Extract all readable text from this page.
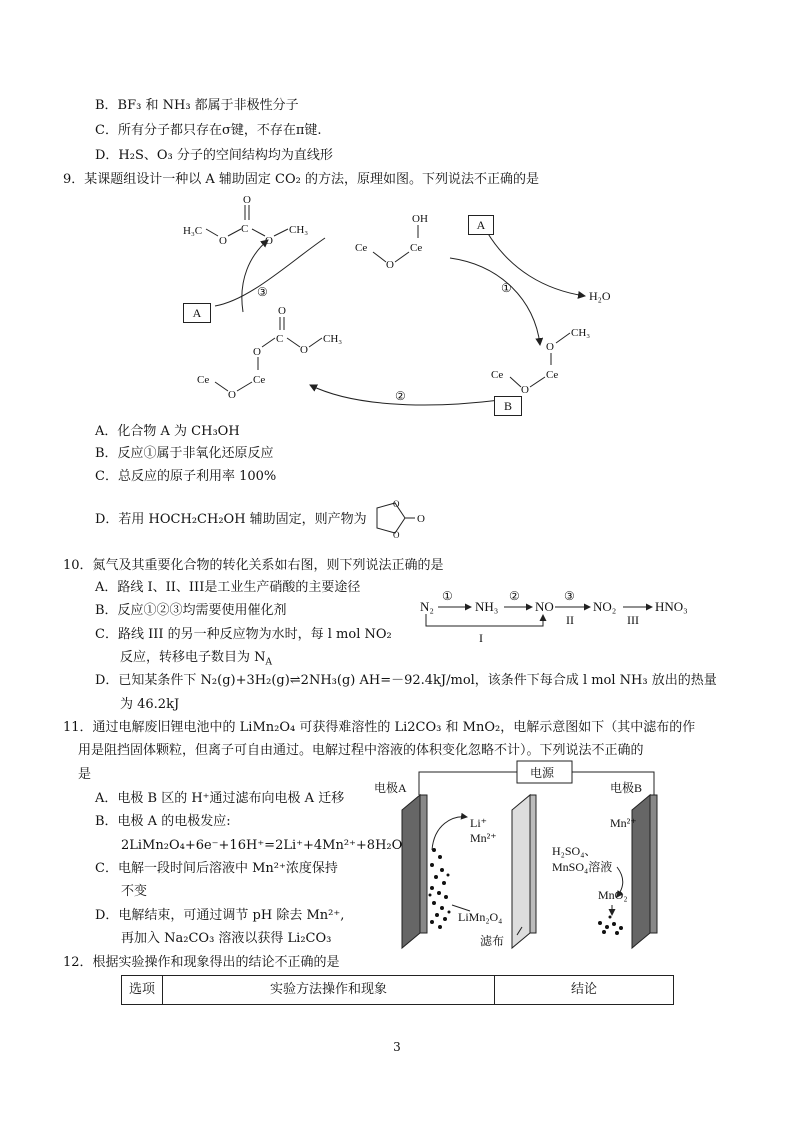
B．BF₃ 和 NH₃ 都属于非极性分子
C．所有分子都只存在σ键，不存在π键.
D．H₂S、O₃ 分子的空间结构均为直线形
9．某课题组设计一种以 A 辅助固定 CO₂ 的方法，原理如图。下列说法不正确的是
H₃C
O
C
O
O
CH₃
Ce
O
Ce
OH
Ce
O
Ce
O
CH₃
Ce
O
Ce
O
C
O
O
CH₃
③	①
②
H₂O
A
A
B
A．化合物 A 为 CH₃OH
B．反应①属于非氧化还原反应
C．总反应的原子利用率 100%
D．若用 HOCH₂CH₂OH 辅助固定，则产物为
O
O
O
10．氮气及其重要化合物的转化关系如右图，则下列说法正确的是
A．路线 I、II、III是工业生产硝酸的主要途径
B．反应①②③均需要使用催化剂
C．路线 III 的另一种反应物为水时，每 l mol NO₂
反应，转移电子数目为 $N_A$
D．已知某条件下 N₂(g)+3H₂(g)⇌2NH₃(g) AH=－92.4kJ/mol，该条件下每合成 l mol NH₃ 放出的热量
为 46.2kJ
N₂	NH₃	NO	NO₂	HNO₃
①	②	③
I
II	III
11．通过电解废旧锂电池中的 LiMn₂O₄ 可获得难溶性的 Li2CO₃ 和 MnO₂，电解示意图如下（其中滤布的作
用是阻挡固体颗粒，但离子可自由通过。电解过程中溶液的体积变化忽略不计）。下列说法不正确的
是
A．电极 B 区的 H⁺通过滤布向电极 A 迁移
B．电极 A 的电极发应:
2LiMn₂O₄+6e⁻+16H⁺=2Li⁺+4Mn²⁺+8H₂O
C．电解一段时间后溶液中 Mn²⁺浓度保持
不变
D．电解结束，可通过调节 pH 除去 Mn²⁺,
再加入 Na₂CO₃ 溶液以获得 Li₂CO₃
电源
电极A	电极B
Li⁺
Mn²⁺
Mn²⁺
H₂SO₄、
MnSO₄溶液
MnO₂
LiMn₂O₄
滤布
12．根据实验操作和现象得出的结论不正确的是
选项	实验方法操作和现象	结论
3
